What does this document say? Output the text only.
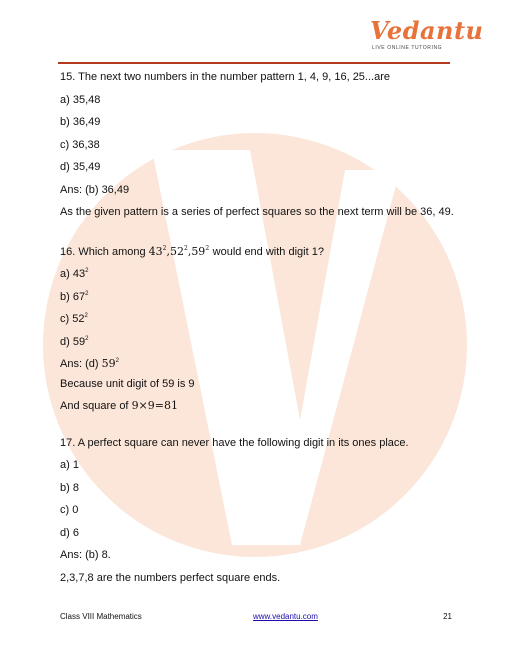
Vedantu
LIVE ONLINE TUTORING
15. The next two numbers in the number pattern 1, 4, 9, 16, 25...are
a) 35,48
b) 36,49
c) 36,38
d) 35,49
Ans: (b) 36,49
As the given pattern is a series of perfect squares so the next term will be 36, 49.
16. Which among $43^2,52^2,59^2$ would end with digit 1?
a) $43^2$
b) $67^2$
c) $52^2$
d) $59^2$
Ans: (d) $59^2$
Because unit digit of 59 is 9
And square of 9×9=81
17. A perfect square can never have the following digit in its ones place.
a) 1
b) 8
c) 0
d) 6
Ans: (b) 8.
2,3,7,8 are the numbers perfect square ends.
Class VIII Mathematics	www.vedantu.com	21
